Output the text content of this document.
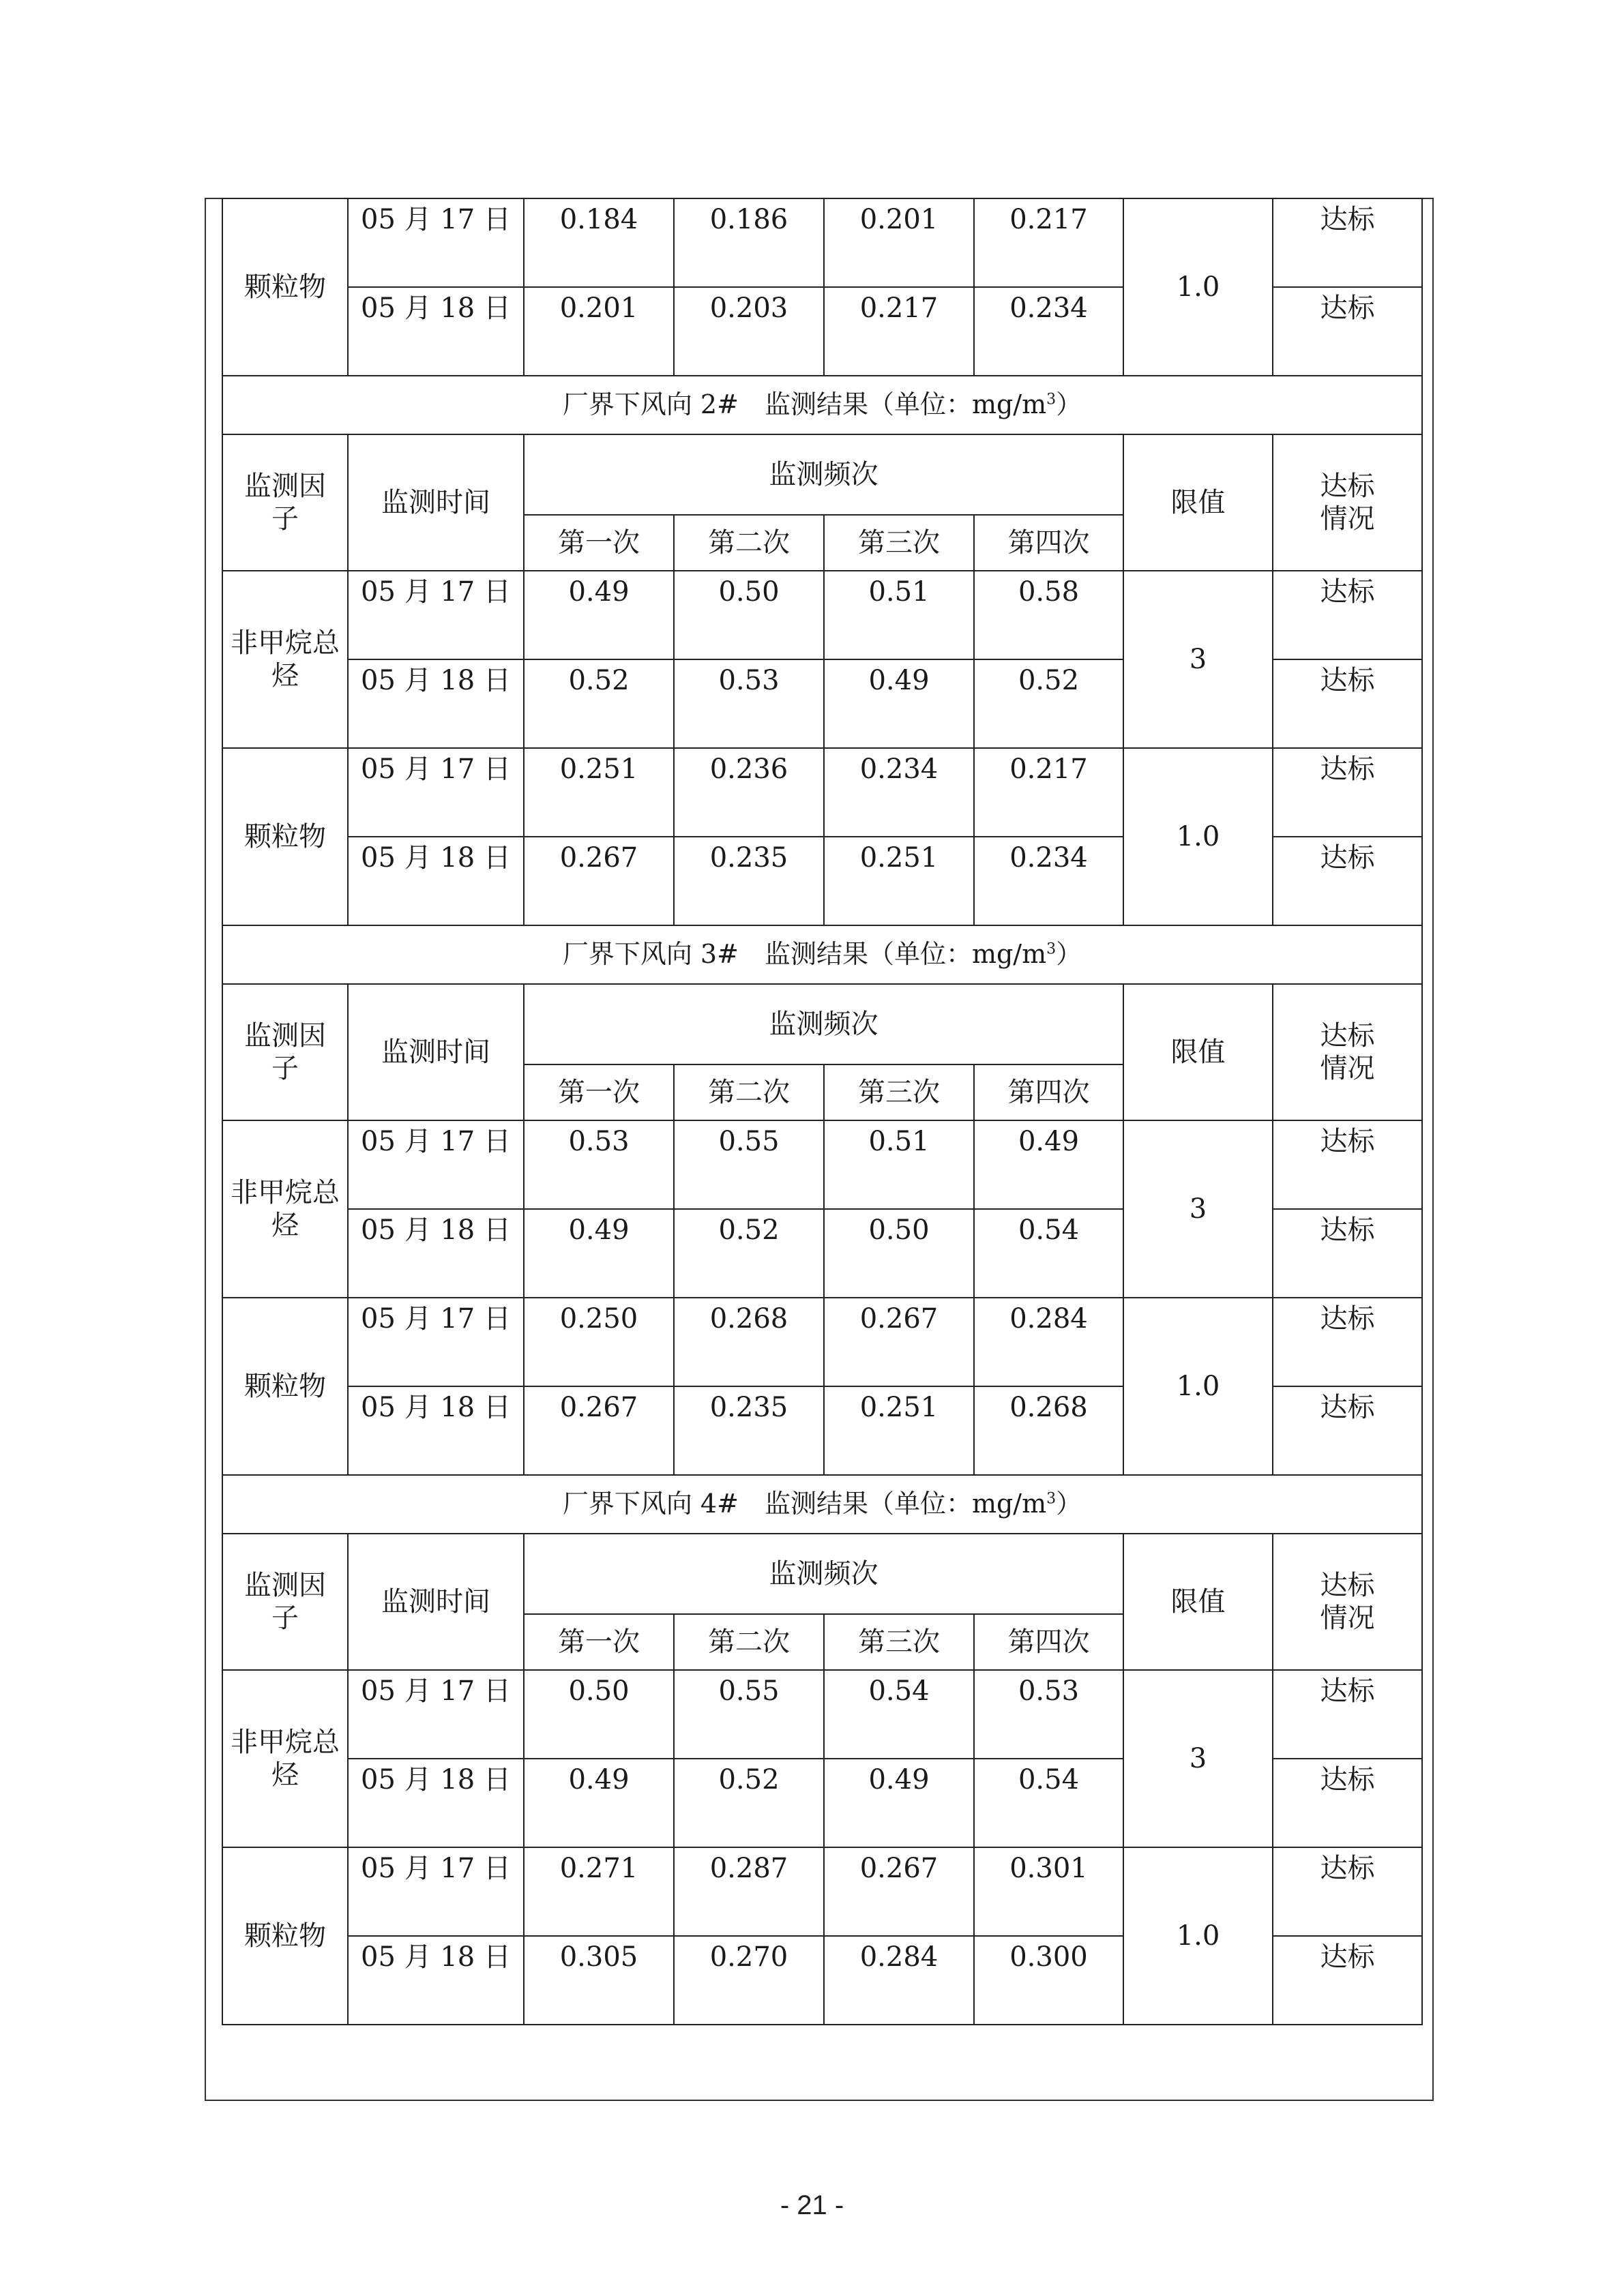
颗粒物	05 月 17 日	0.184	0.186	0.201	0.217	1.0	达标
	05 月 18 日	0.201	0.203	0.217	0.234		达标
厂界下风向 2#　监测结果（单位：$mg/m^3$）							

监测因
子	监测时间	监测频次				限值	达标
情况

		第一次	第二次	第三次	第四次		

非甲烷总
烃	05 月 17 日	0.49	0.50	0.51	0.58	3	达标
	05 月 18 日	0.52	0.53	0.49	0.52		达标
颗粒物	05 月 17 日	0.251	0.236	0.234	0.217	1.0	达标
	05 月 18 日	0.267	0.235	0.251	0.234		达标
厂界下风向 3#　监测结果（单位：$mg/m^3$）							

监测因
子	监测时间	监测频次				限值	达标
情况

		第一次	第二次	第三次	第四次		

非甲烷总
烃	05 月 17 日	0.53	0.55	0.51	0.49	3	达标
	05 月 18 日	0.49	0.52	0.50	0.54		达标
颗粒物	05 月 17 日	0.250	0.268	0.267	0.284	1.0	达标
	05 月 18 日	0.267	0.235	0.251	0.268		达标
厂界下风向 4#　监测结果（单位：$mg/m^3$）							

监测因
子	监测时间	监测频次				限值	达标
情况

		第一次	第二次	第三次	第四次		

非甲烷总
烃	05 月 17 日	0.50	0.55	0.54	0.53	3	达标
	05 月 18 日	0.49	0.52	0.49	0.54		达标
颗粒物	05 月 17 日	0.271	0.287	0.267	0.301	1.0	达标
	05 月 18 日	0.305	0.270	0.284	0.300		达标
- 21 -
